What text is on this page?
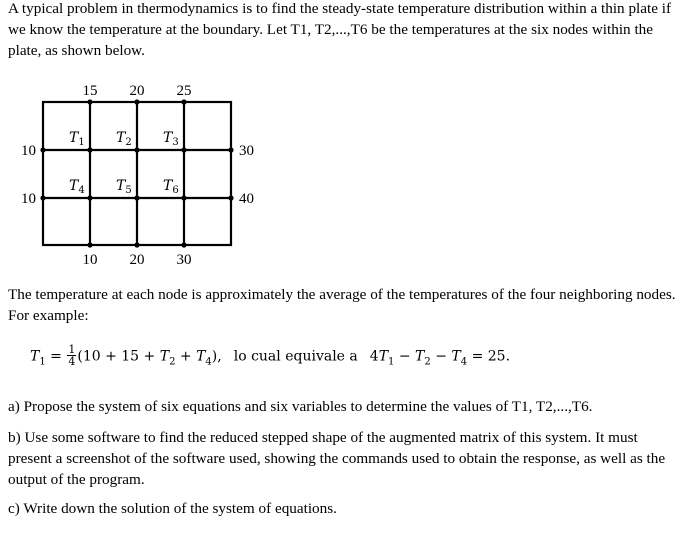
A typical problem in thermodynamics is to find the steady-state temperature distribution within a thin plate if we know the temperature at the boundary. Let T1, T2,...,T6 be the temperatures at the six nodes within the plate, as shown below.

15 20 25
10 20 30
10
10
30
40
$T_1$ $T_2$ $T_3$
$T_4$ $T_5$ $T_6$

The temperature at each node is approximately the average of the temperatures of the four neighboring nodes. For example:

$T_1 = \frac{1}{4} (10 + 15 + T_2 + T_4)$, lo cual equivale a $4T_1 - T_2 - T_4 = 25$.

a) Propose the system of six equations and six variables to determine the values of T1, T2,...,T6.

b) Use some software to find the reduced stepped shape of the augmented matrix of this system. It must present a screenshot of the software used, showing the commands used to obtain the response, as well as the output of the program.

c) Write down the solution of the system of equations.
